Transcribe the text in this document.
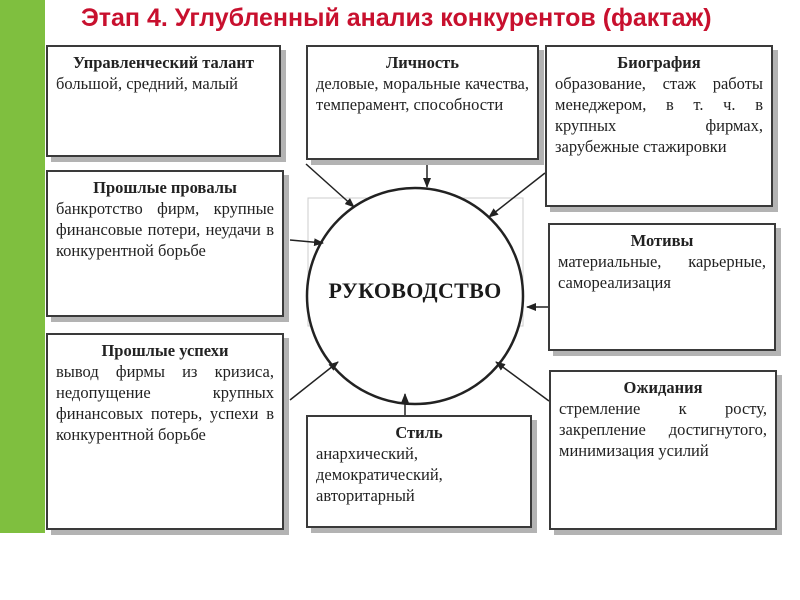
Этап 4. Углубленный анализ конкурентов (фактаж)
Управленческий талант
большой, средний, малый
Личность
деловые, моральные качества, темперамент, способности
Биография
образование, стаж работы менеджером, в т. ч. в крупных фирмах, зарубежные стажировки
Прошлые провалы
банкротство фирм, крупные финансовые потери, неудачи в конкурентной борьбе
Мотивы
материальные, карьерные, самореализация
Прошлые успехи
вывод фирмы из кризиса, недопущение крупных финансовых потерь, успехи в конкурентной борьбе
Ожидания
стремление к росту, закрепление достигнутого, минимизация усилий
Стиль
анархический, демократический, авторитарный
РУКОВОДСТВО
